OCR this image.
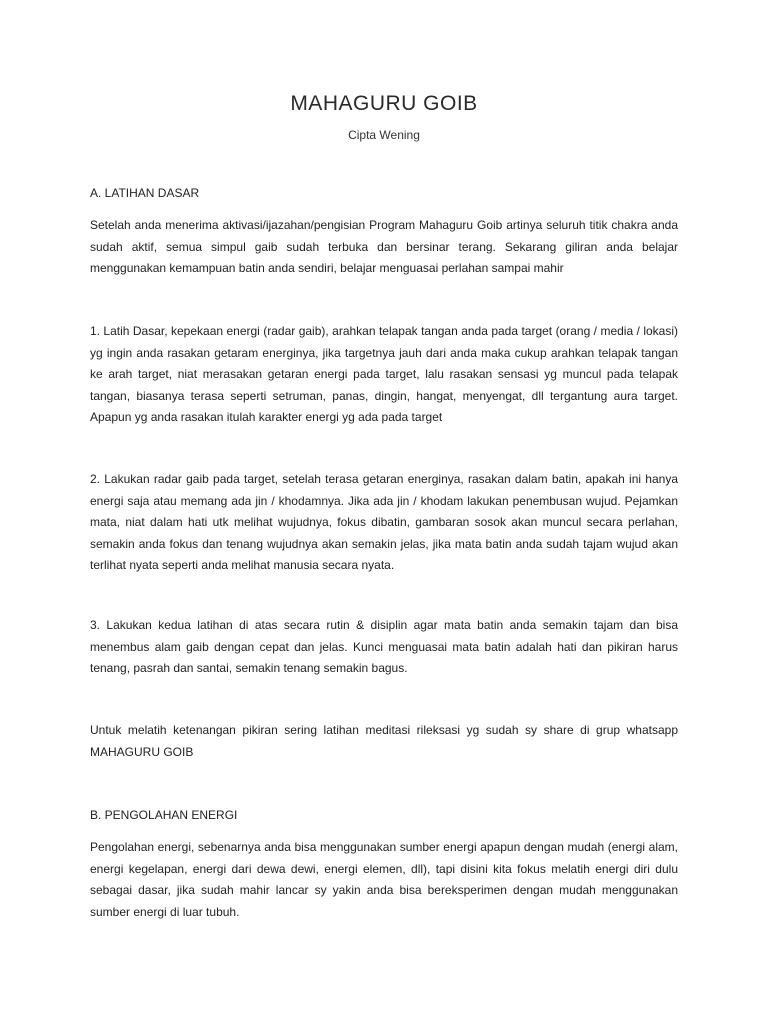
MAHAGURU GOIB
Cipta Wening
A. LATIHAN DASAR

Setelah anda menerima aktivasi/ijazahan/pengisian Program Mahaguru Goib artinya seluruh titik chakra anda sudah aktif, semua simpul gaib sudah terbuka dan bersinar terang. Sekarang giliran anda belajar menggunakan kemampuan batin anda sendiri, belajar menguasai perlahan sampai mahir

1. Latih Dasar, kepekaan energi (radar gaib), arahkan telapak tangan anda pada target (orang / media / lokasi) yg ingin anda rasakan getaram energinya, jika targetnya jauh dari anda maka cukup arahkan telapak tangan ke arah target, niat merasakan getaran energi pada target, lalu rasakan sensasi yg muncul pada telapak tangan, biasanya terasa seperti setruman, panas, dingin, hangat, menyengat, dll tergantung aura target. Apapun yg anda rasakan itulah karakter energi yg ada pada target

2. Lakukan radar gaib pada target, setelah terasa getaran energinya, rasakan dalam batin, apakah ini hanya energi saja atau memang ada jin / khodamnya. Jika ada jin / khodam lakukan penembusan wujud. Pejamkan mata, niat dalam hati utk melihat wujudnya, fokus dibatin, gambaran sosok akan muncul secara perlahan, semakin anda fokus dan tenang wujudnya akan semakin jelas, jika mata batin anda sudah tajam wujud akan terlihat nyata seperti anda melihat manusia secara nyata.

3. Lakukan kedua latihan di atas secara rutin & disiplin agar mata batin anda semakin tajam dan bisa menembus alam gaib dengan cepat dan jelas. Kunci menguasai mata batin adalah hati dan pikiran harus tenang, pasrah dan santai, semakin tenang semakin bagus.

Untuk melatih ketenangan pikiran sering latihan meditasi rileksasi yg sudah sy share di grup whatsapp MAHAGURU GOIB

B. PENGOLAHAN ENERGI

Pengolahan energi, sebenarnya anda bisa menggunakan sumber energi apapun dengan mudah (energi alam, energi kegelapan, energi dari dewa dewi, energi elemen, dll), tapi disini kita fokus melatih energi diri dulu sebagai dasar, jika sudah mahir lancar sy yakin anda bisa bereksperimen dengan mudah menggunakan sumber energi di luar tubuh.
